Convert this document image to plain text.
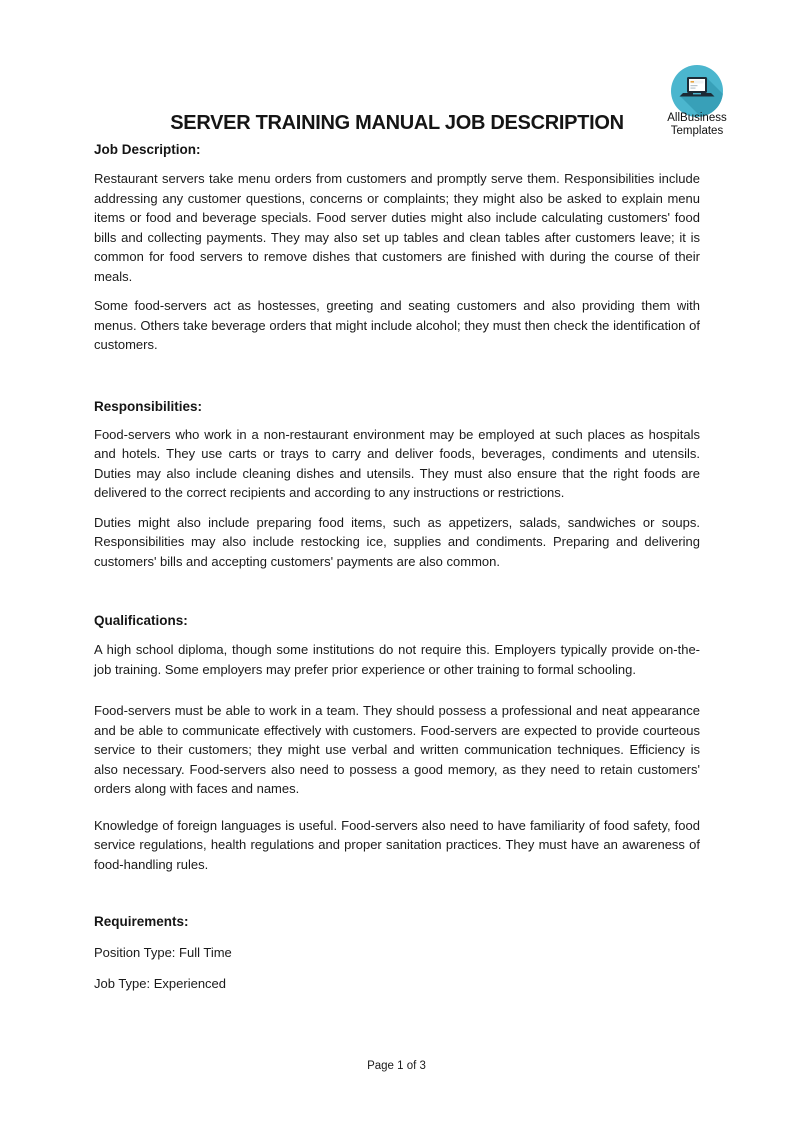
AllBusiness
Templates
SERVER TRAINING MANUAL JOB DESCRIPTION
Job Description:

Restaurant servers take menu orders from customers and promptly serve them. Responsibilities include addressing any customer questions, concerns or complaints; they might also be asked to explain menu items or food and beverage specials. Food server duties might also include calculating customers' food bills and collecting payments. They may also set up tables and clean tables after customers leave; it is common for food servers to remove dishes that customers are finished with during the course of their meals.

Some food-servers act as hostesses, greeting and seating customers and also providing them with menus. Others take beverage orders that might include alcohol; they must then check the identification of customers.

Responsibilities:

Food-servers who work in a non-restaurant environment may be employed at such places as hospitals and hotels. They use carts or trays to carry and deliver foods, beverages, condiments and utensils. Duties may also include cleaning dishes and utensils. They must also ensure that the right foods are delivered to the correct recipients and according to any instructions or restrictions.

Duties might also include preparing food items, such as appetizers, salads, sandwiches or soups. Responsibilities may also include restocking ice, supplies and condiments. Preparing and delivering customers' bills and accepting customers' payments are also common.

Qualifications:

A high school diploma, though some institutions do not require this. Employers typically provide on-the-job training. Some employers may prefer prior experience or other training to formal schooling.

Food-servers must be able to work in a team. They should possess a professional and neat appearance and be able to communicate effectively with customers. Food-servers are expected to provide courteous service to their customers; they might use verbal and written communication techniques. Efficiency is also necessary. Food-servers also need to possess a good memory, as they need to retain customers' orders along with faces and names.

Knowledge of foreign languages is useful. Food-servers also need to have familiarity of food safety, food service regulations, health regulations and proper sanitation practices. They must have an awareness of food-handling rules.

Requirements:

Position Type: Full Time

Job Type: Experienced

Page 1 of 3
